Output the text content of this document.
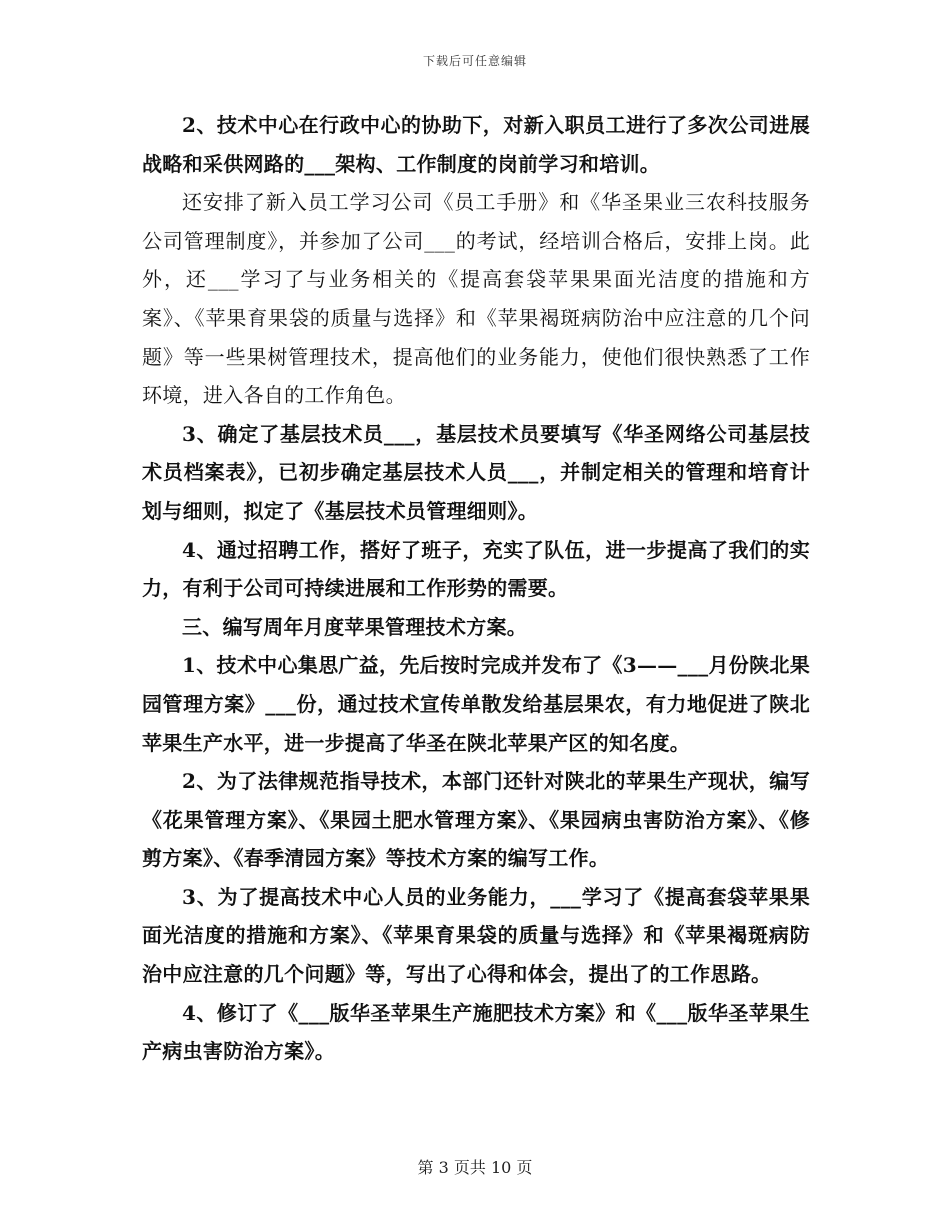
下载后可任意编辑

2、技术中心在行政中心的协助下，对新入职员工进行了多次公司进展战略和采供网路的___架构、工作制度的岗前学习和培训。

还安排了新入员工学习公司《员工手册》和《华圣果业三农科技服务公司管理制度》，并参加了公司___的考试，经培训合格后，安排上岗。此外，还___学习了与业务相关的《提高套袋苹果果面光洁度的措施和方案》、《苹果育果袋的质量与选择》和《苹果褐斑病防治中应注意的几个问题》等一些果树管理技术，提高他们的业务能力，使他们很快熟悉了工作环境，进入各自的工作角色。

3、确定了基层技术员___，基层技术员要填写《华圣网络公司基层技术员档案表》，已初步确定基层技术人员___，并制定相关的管理和培育计划与细则，拟定了《基层技术员管理细则》。

4、通过招聘工作，搭好了班子，充实了队伍，进一步提高了我们的实力，有利于公司可持续进展和工作形势的需要。

三、编写周年月度苹果管理技术方案。

1、技术中心集思广益，先后按时完成并发布了《3——___月份陕北果园管理方案》___份，通过技术宣传单散发给基层果农，有力地促进了陕北苹果生产水平，进一步提高了华圣在陕北苹果产区的知名度。

2、为了法律规范指导技术，本部门还针对陕北的苹果生产现状，编写《花果管理方案》、《果园土肥水管理方案》、《果园病虫害防治方案》、《修剪方案》、《春季清园方案》等技术方案的编写工作。

3、为了提高技术中心人员的业务能力，___学习了《提高套袋苹果果面光洁度的措施和方案》、《苹果育果袋的质量与选择》和《苹果褐斑病防治中应注意的几个问题》等，写出了心得和体会，提出了的工作思路。

4、修订了《___版华圣苹果生产施肥技术方案》和《___版华圣苹果生产病虫害防治方案》。

第 3 页共 10 页
